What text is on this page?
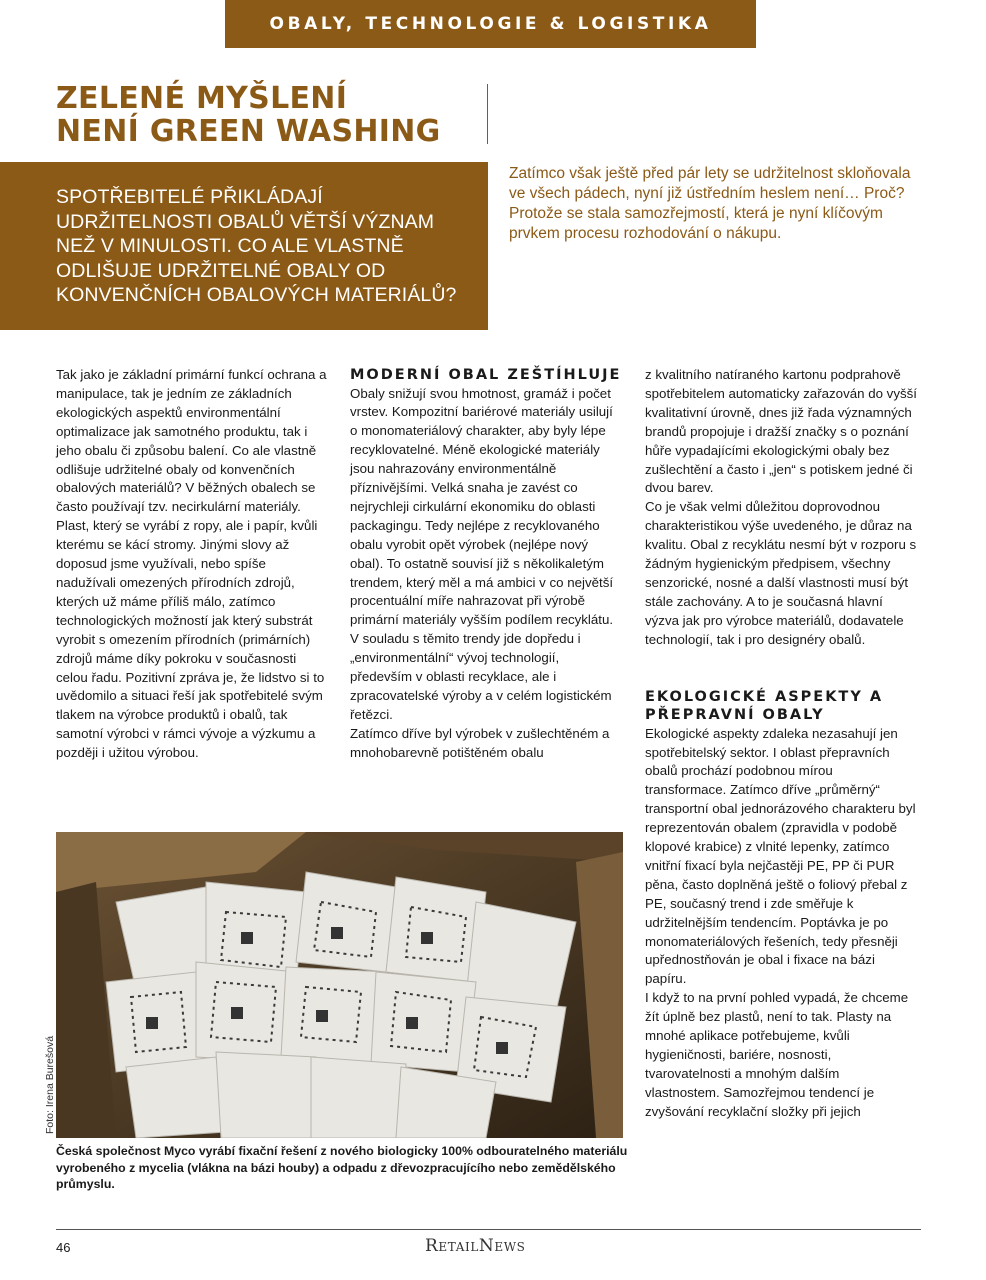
OBALY, TECHNOLOGIE & LOGISTIKA
ZELENÉ MYŠLENÍ
NENÍ GREEN WASHING
SPOTŘEBITELÉ PŘIKLÁDAJÍ UDRŽITELNOSTI OBALŮ VĚTŠÍ VÝZNAM NEŽ V MINULOSTI. CO ALE VLASTNĚ ODLIŠUJE UDRŽITELNÉ OBALY OD KONVENČNÍCH OBALOVÝCH MATERIÁLŮ?
Zatímco však ještě před pár lety se udržitelnost skloňovala ve všech pádech, nyní již ústředním heslem není… Proč? Protože se stala samozřejmostí, která je nyní klíčovým prvkem procesu rozhodování o nákupu.

Tak jako je základní primární funkcí ochrana a manipulace, tak je jedním ze základních ekologických aspektů environmentální optimalizace jak samotného produktu, tak i jeho obalu či způsobu balení. Co ale vlastně odlišuje udržitelné obaly od konvenčních obalových materiálů? V běžných obalech se často používají tzv. necirkulární materiály. Plast, který se vyrábí z ropy, ale i papír, kvůli kterému se kácí stromy. Jinými slovy až doposud jsme využívali, nebo spíše nadužívali omezených přírodních zdrojů, kterých už máme příliš málo, zatímco technologických možností jak který substrát vyrobit s omezením přírodních (primárních) zdrojů máme díky pokroku v současnosti celou řadu. Pozitivní zpráva je, že lidstvo si to uvědomilo a situaci řeší jak spotřebitelé svým tlakem na výrobce produktů i obalů, tak samotní výrobci v rámci vývoje a výzkumu a později i užitou výrobou.

MODERNÍ OBAL ZEŠTÍHLUJE

Obaly snižují svou hmotnost, gramáž i počet vrstev. Kompozitní bariérové materiály usilují o monomateriálový charakter, aby byly lépe recyklovatelné. Méně ekologické materiály jsou nahrazovány environmentálně příznivějšími. Velká snaha je zavést co nejrychleji cirkulární ekonomiku do oblasti packagingu. Tedy nejlépe z recyklovaného obalu vyrobit opět výrobek (nejlépe nový obal). To ostatně souvisí již s několikaletým trendem, který měl a má ambici v co největší procentuální míře nahrazovat při výrobě primární materiály vyšším podílem recyklátu. V souladu s těmito trendy jde dopředu i „environmentální“ vývoj technologií, především v oblasti recyklace, ale i zpracovatelské výroby a v celém logistickém řetězci.

Zatímco dříve byl výrobek v zušlechtěném a mnohobarevně potištěném obalu

z kvalitního natíraného kartonu podprahově spotřebitelem automaticky zařazován do vyšší kvalitativní úrovně, dnes již řada významných brandů propojuje i dražší značky s o poznání hůře vypadajícími ekologickými obaly bez zušlechtění a často i „jen“ s potiskem jedné či dvou barev.

Co je však velmi důležitou doprovodnou charakteristikou výše uvedeného, je důraz na kvalitu. Obal z recyklátu nesmí být v rozporu s žádným hygienickým předpisem, všechny senzorické, nosné a další vlastnosti musí být stále zachovány. A to je současná hlavní výzva jak pro výrobce materiálů, dodavatele technologií, tak i pro designéry obalů.

EKOLOGICKÉ ASPEKTY A PŘEPRAVNÍ OBALY

Ekologické aspekty zdaleka nezasahují jen spotřebitelský sektor. I oblast přepravních obalů prochází podobnou mírou transformace. Zatímco dříve „průměrný“ transportní obal jednorázového charakteru byl reprezentován obalem (zpravidla v podobě klopové krabice) z vlnité lepenky, zatímco vnitřní fixací byla nejčastěji PE, PP či PUR pěna, často doplněná ještě o foliový přebal z PE, současný trend i zde směřuje k udržitelnějším tendencím. Poptávka je po monomateriálových řešeních, tedy přesněji upřednostňován je obal i fixace na bázi papíru.

I když to na první pohled vypadá, že chceme žít úplně bez plastů, není to tak. Plasty na mnohé aplikace potřebujeme, kvůli hygieničnosti, bariére, nosnosti, tvarovatelnosti a mnohým dalším vlastnostem. Samozřejmou tendencí je zvyšování recyklační složky při jejich

Foto: Irena Burešová
Česká společnost Myco vyrábí fixační řešení z nového biologicky 100% odbouratelného materiálu vyrobeného z mycelia (vlákna na bázi houby) a odpadu z dřevozpracujícího nebo zemědělského průmyslu.
46	RetailNews
